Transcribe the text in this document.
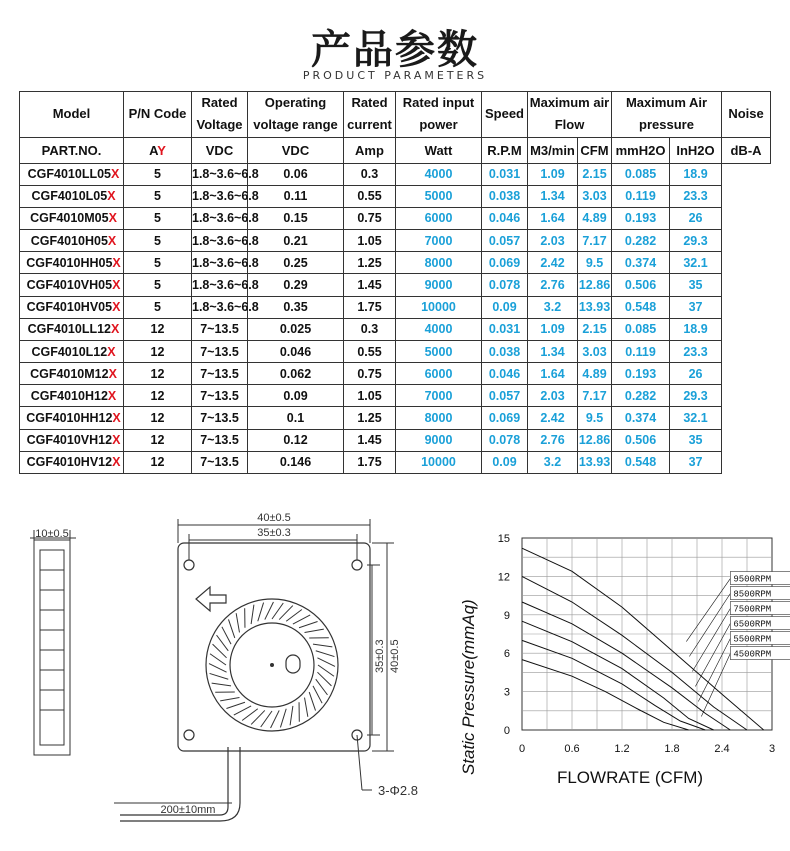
产品参数
PRODUCT PARAMETERS
Model	P/N Code	Rated Voltage	Operating voltage range	Rated current	Rated input power	Speed	Maximum air Flow		Maximum Air pressure		Noise
PART.NO.	AY	VDC	VDC	Amp	Watt	R.P.M	M3/min	CFM	mmH2O	InH2O	dB-A
CGF4010LL05X	5	1.8~3.6~6.8	0.06	0.3	4000	0.031	1.09	2.15	0.085	18.9	
CGF4010L05X	5	1.8~3.6~6.8	0.11	0.55	5000	0.038	1.34	3.03	0.119	23.3	
CGF4010M05X	5	1.8~3.6~6.8	0.15	0.75	6000	0.046	1.64	4.89	0.193	26	
CGF4010H05X	5	1.8~3.6~6.8	0.21	1.05	7000	0.057	2.03	7.17	0.282	29.3	
CGF4010HH05X	5	1.8~3.6~6.8	0.25	1.25	8000	0.069	2.42	9.5	0.374	32.1	
CGF4010VH05X	5	1.8~3.6~6.8	0.29	1.45	9000	0.078	2.76	12.86	0.506	35	
CGF4010HV05X	5	1.8~3.6~6.8	0.35	1.75	10000	0.09	3.2	13.93	0.548	37	
CGF4010LL12X	12	7~13.5	0.025	0.3	4000	0.031	1.09	2.15	0.085	18.9	
CGF4010L12X	12	7~13.5	0.046	0.55	5000	0.038	1.34	3.03	0.119	23.3	
CGF4010M12X	12	7~13.5	0.062	0.75	6000	0.046	1.64	4.89	0.193	26	
CGF4010H12X	12	7~13.5	0.09	1.05	7000	0.057	2.03	7.17	0.282	29.3	
CGF4010HH12X	12	7~13.5	0.1	1.25	8000	0.069	2.42	9.5	0.374	32.1	
CGF4010VH12X	12	7~13.5	0.12	1.45	9000	0.078	2.76	12.86	0.506	35	
CGF4010HV12X	12	7~13.5	0.146	1.75	10000	0.09	3.2	13.93	0.548	37	
10±0.5
40±0.5
35±0.3
35±0.3 40±0.5
3-Φ2.8
200±10mm
0	0.6	1.2	1.8	2.4	3
15
12
9
6
3
0
9500RPM
8500RPM
7500RPM
6500RPM
5500RPM
4500RPM
Static Pressure(mmAq)
FLOWRATE (CFM)
